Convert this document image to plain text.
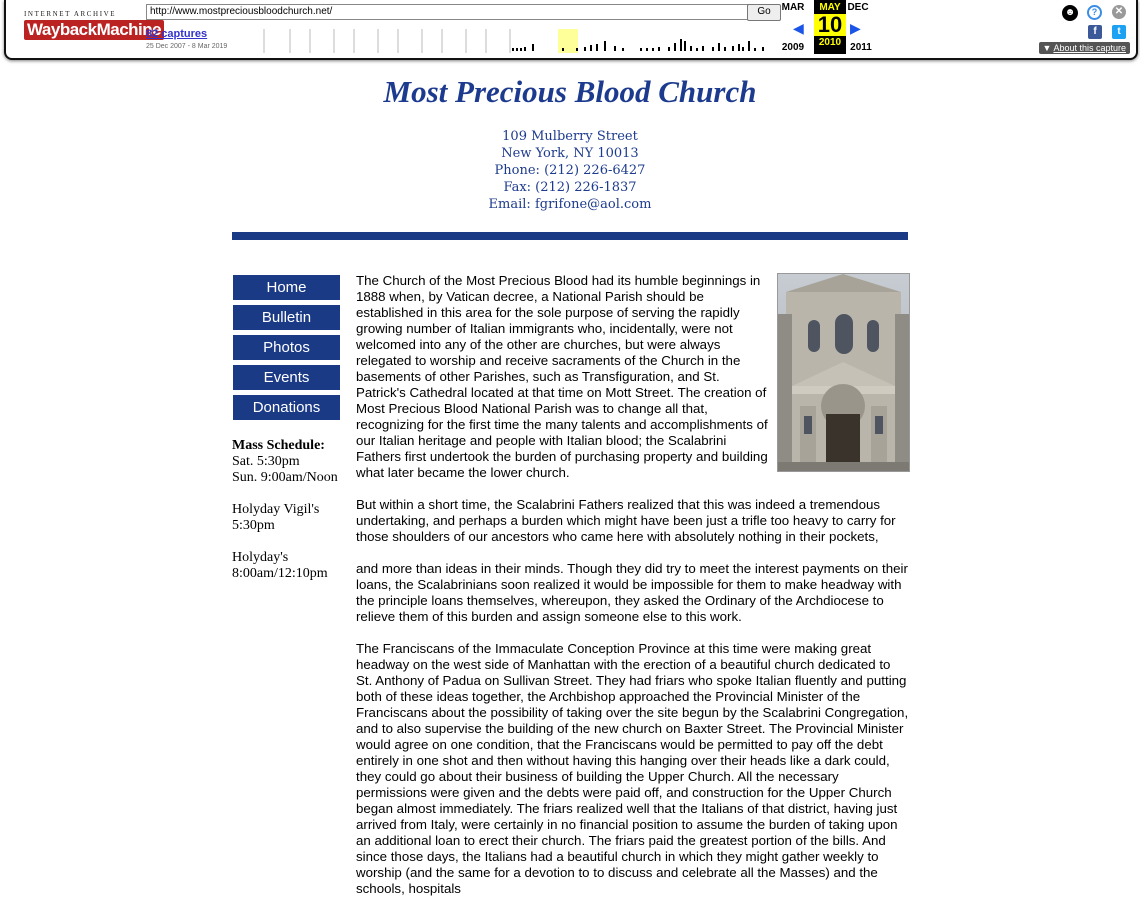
INTERNET ARCHIVE
WaybackMachine
http://www.mostpreciousbloodchurch.net/	Go
82 captures
25 Dec 2007 - 8 Mar 2019
MAR	DEC
◀	▶
2009	2011
MAY
10
2010
☻	?	✕
f	t
▼ About this capture
Most Precious Blood Church
109 Mulberry Street
New York, NY 10013
Phone: (212) 226-6427
Fax: (212) 226-1837
Email: fgrifone@aol.com
Home
Bulletin
Photos
Events
Donations

Mass Schedule:
Sat. 5:30pm
Sun. 9:00am/Noon

Holyday Vigil's
5:30pm

Holyday's
8:00am/12:10pm

The Church of the Most Precious Blood had its humble beginnings in 1888 when, by Vatican decree, a National Parish should be established in this area for the sole purpose of serving the rapidly growing number of Italian immigrants who, incidentally, were not welcomed into any of the other are churches, but were always relegated to worship and receive sacraments of the Church in the basements of other Parishes, such as Transfiguration, and St. Patrick's Cathedral located at that time on Mott Street. The creation of Most Precious Blood National Parish was to change all that, recognizing for the first time the many talents and accomplishments of our Italian heritage and people with Italian blood; the Scalabrini Fathers first undertook the burden of purchasing property and building what later became the lower church.

But within a short time, the Scalabrini Fathers realized that this was indeed a tremendous undertaking, and perhaps a burden which might have been just a trifle too heavy to carry for those shoulders of our ancestors who came here with absolutely nothing in their pockets,

and more than ideas in their minds. Though they did try to meet the interest payments on their loans, the Scalabrinians soon realized it would be impossible for them to make headway with the principle loans themselves, whereupon, they asked the Ordinary of the Archdiocese to relieve them of this burden and assign someone else to this work.

The Franciscans of the Immaculate Conception Province at this time were making great headway on the west side of Manhattan with the erection of a beautiful church dedicated to St. Anthony of Padua on Sullivan Street. They had friars who spoke Italian fluently and putting both of these ideas together, the Archbishop approached the Provincial Minister of the Franciscans about the possibility of taking over the site begun by the Scalabrini Congregation, and to also supervise the building of the new church on Baxter Street. The Provincial Minister would agree on one condition, that the Franciscans would be permitted to pay off the debt entirely in one shot and then without having this hanging over their heads like a dark could, they could go about their business of building the Upper Church. All the necessary permissions were given and the debts were paid off, and construction for the Upper Church began almost immediately. The friars realized well that the Italians of that district, having just arrived from Italy, were certainly in no financial position to assume the burden of taking upon an additional loan to erect their church. The friars paid the greatest portion of the bills. And since those days, the Italians had a beautiful church in which they might gather weekly to worship (and the same for a devotion to to discuss and celebrate all the Masses) and the schools, hospitals
